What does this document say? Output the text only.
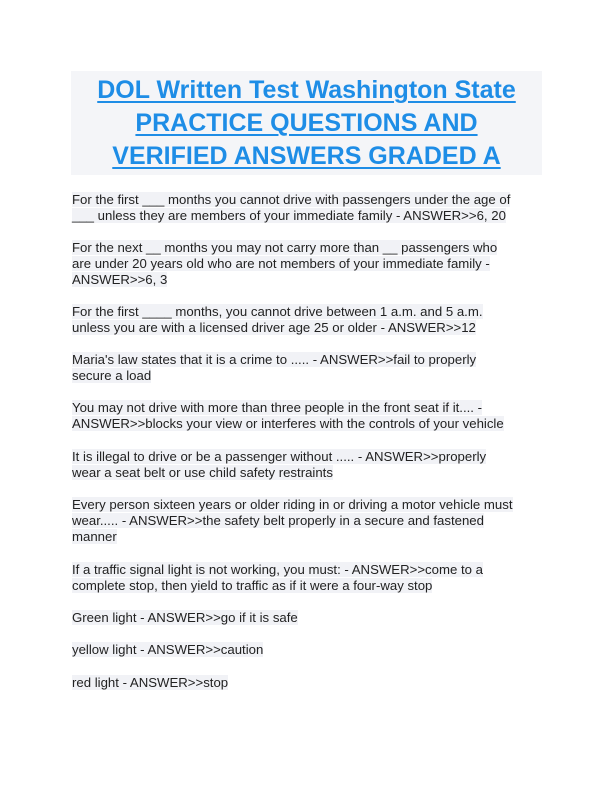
DOL Written Test Washington State
PRACTICE QUESTIONS AND
VERIFIED ANSWERS GRADED A
For the first ___ months you cannot drive with passengers under the age of
___ unless they are members of your immediate family - ANSWER>>6, 20
For the next __ months you may not carry more than __ passengers who
are under 20 years old who are not members of your immediate family -
ANSWER>>6, 3
For the first ____ months, you cannot drive between 1 a.m. and 5 a.m.
unless you are with a licensed driver age 25 or older - ANSWER>>12
Maria's law states that it is a crime to ..... - ANSWER>>fail to properly
secure a load
You may not drive with more than three people in the front seat if it.... -
ANSWER>>blocks your view or interferes with the controls of your vehicle
It is illegal to drive or be a passenger without ..... - ANSWER>>properly
wear a seat belt or use child safety restraints
Every person sixteen years or older riding in or driving a motor vehicle must
wear..... - ANSWER>>the safety belt properly in a secure and fastened
manner
If a traffic signal light is not working, you must: - ANSWER>>come to a
complete stop, then yield to traffic as if it were a four-way stop
Green light - ANSWER>>go if it is safe
yellow light - ANSWER>>caution
red light - ANSWER>>stop
